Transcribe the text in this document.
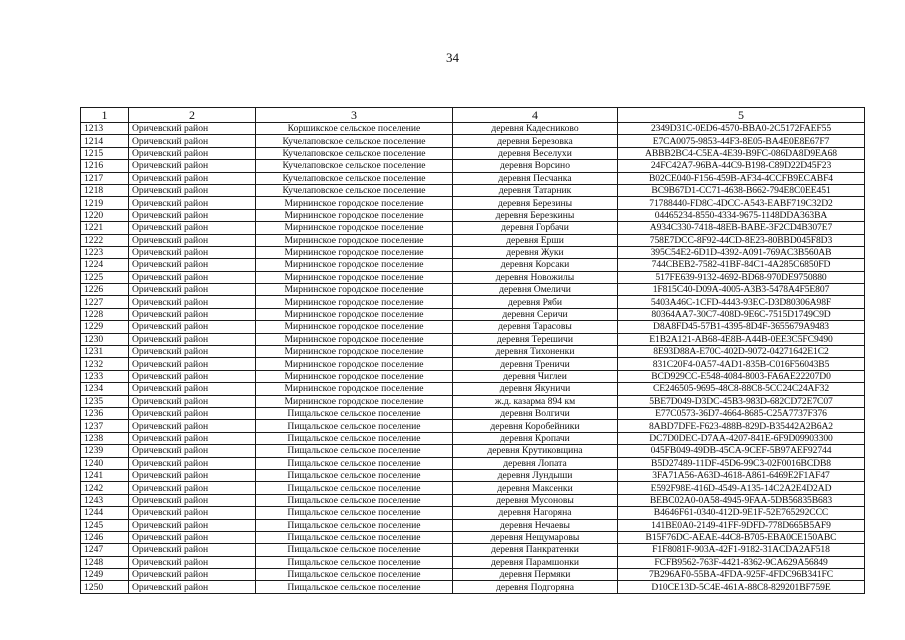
34
1	2	3	4	5
1213	Оричевский район	Коршикское сельское поселение	деревня Кадесниково	2349D31C-0ED6-4570-BBA0-2C5172FAEF55
1214	Оричевский район	Кучелаповское сельское поселение	деревня Березовка	E7CA0075-9853-44F3-8E05-BA4E0E8E67F7
1215	Оричевский район	Кучелаповское сельское поселение	деревня Веселухи	ABBB2BC4-C5EA-4E39-B9FC-086DA8D9EA68
1216	Оричевский район	Кучелаповское сельское поселение	деревня Ворсино	24FC42A7-96BA-44C9-B198-C89D22D45F23
1217	Оричевский район	Кучелаповское сельское поселение	деревня Песчанка	B02CE040-F156-459B-AF34-4CCFB9ECABF4
1218	Оричевский район	Кучелаповское сельское поселение	деревня Татарник	BC9B67D1-CC71-4638-B662-794E8C0EE451
1219	Оричевский район	Мирнинское городское поселение	деревня Березины	71788440-FD8C-4DCC-A543-EABF719C32D2
1220	Оричевский район	Мирнинское городское поселение	деревня Березкины	04465234-8550-4334-9675-1148DDA363BA
1221	Оричевский район	Мирнинское городское поселение	деревня Горбачи	A934C330-7418-48EB-BABE-3F2CD4B307E7
1222	Оричевский район	Мирнинское городское поселение	деревня Ерши	758E7DCC-8F92-44CD-8E23-80BBD045F8D3
1223	Оричевский район	Мирнинское городское поселение	деревня Жуки	395C54E2-6D1D-4392-A091-769AC3B560AB
1224	Оричевский район	Мирнинское городское поселение	деревня Корсаки	744CBEB2-7582-41BF-84C1-4A285C6850FD
1225	Оричевский район	Мирнинское городское поселение	деревня Новожилы	517FE639-9132-4692-BD68-970DE9750880
1226	Оричевский район	Мирнинское городское поселение	деревня Омеличи	1F815C40-D09A-4005-A3B3-5478A4F5E807
1227	Оричевский район	Мирнинское городское поселение	деревня Ряби	5403A46C-1CFD-4443-93EC-D3D80306A98F
1228	Оричевский район	Мирнинское городское поселение	деревня Серичи	80364AA7-30C7-408D-9E6C-7515D1749C9D
1229	Оричевский район	Мирнинское городское поселение	деревня Тарасовы	D8A8FD45-57B1-4395-8D4F-3655679A9483
1230	Оричевский район	Мирнинское городское поселение	деревня Терешичи	E1B2A121-AB68-4E8B-A44B-0EE3C5FC9490
1231	Оричевский район	Мирнинское городское поселение	деревня Тихоненки	8E93D88A-E70C-402D-9072-04271642E1C2
1232	Оричевский район	Мирнинское городское поселение	деревня Треничи	831C20F4-0A57-4AD1-835B-C016F56043B5
1233	Оричевский район	Мирнинское городское поселение	деревня Чиглеи	BCD929CC-E548-4084-8003-FA6AE22207D0
1234	Оричевский район	Мирнинское городское поселение	деревня Якуничи	CE246505-9695-48C8-88C8-5CC24C24AF32
1235	Оричевский район	Мирнинское городское поселение	ж.д. казарма 894 км	5BE7D049-D3DC-45B3-983D-682CD72E7C07
1236	Оричевский район	Пищальское сельское поселение	деревня Волгичи	E77C0573-36D7-4664-8685-C25A7737F376
1237	Оричевский район	Пищальское сельское поселение	деревня Коробейники	8ABD7DFE-F623-488B-829D-B35442A2B6A2
1238	Оричевский район	Пищальское сельское поселение	деревня Кропачи	DC7D0DEC-D7AA-4207-841E-6F9D09903300
1239	Оричевский район	Пищальское сельское поселение	деревня Крутиковщина	045FB049-49DB-45CA-9CEF-5B97AEF92744
1240	Оричевский район	Пищальское сельское поселение	деревня Лопата	B5D27489-11DF-45D6-99C3-02F0016BCDB8
1241	Оричевский район	Пищальское сельское поселение	деревня Лундыши	3FA71A56-A63D-4618-A861-6469E2F1AF47
1242	Оричевский район	Пищальское сельское поселение	деревня Максенки	E592F98E-416D-4549-A135-14C2A2E4D2AD
1243	Оричевский район	Пищальское сельское поселение	деревня Мусоновы	BEBC02A0-0A58-4945-9FAA-5DB56835B683
1244	Оричевский район	Пищальское сельское поселение	деревня Нагоряна	B4646F61-0340-412D-9E1F-52E765292CCC
1245	Оричевский район	Пищальское сельское поселение	деревня Нечаевы	141BE0A0-2149-41FF-9DFD-778D665B5AF9
1246	Оричевский район	Пищальское сельское поселение	деревня Нещумаровы	B15F76DC-AEAE-44C8-B705-EBA0CE150ABC
1247	Оричевский район	Пищальское сельское поселение	деревня Панкратенки	F1F8081F-903A-42F1-9182-31ACDA2AF518
1248	Оричевский район	Пищальское сельское поселение	деревня Парамшонки	FCFB9562-763F-4421-8362-9CA629A56849
1249	Оричевский район	Пищальское сельское поселение	деревня Пермяки	7B296AF0-55BA-4FDA-925F-4FDC96B341FC
1250	Оричевский район	Пищальское сельское поселение	деревня Подгоряна	D10CE13D-5C4E-461A-88C8-829201BF759E
